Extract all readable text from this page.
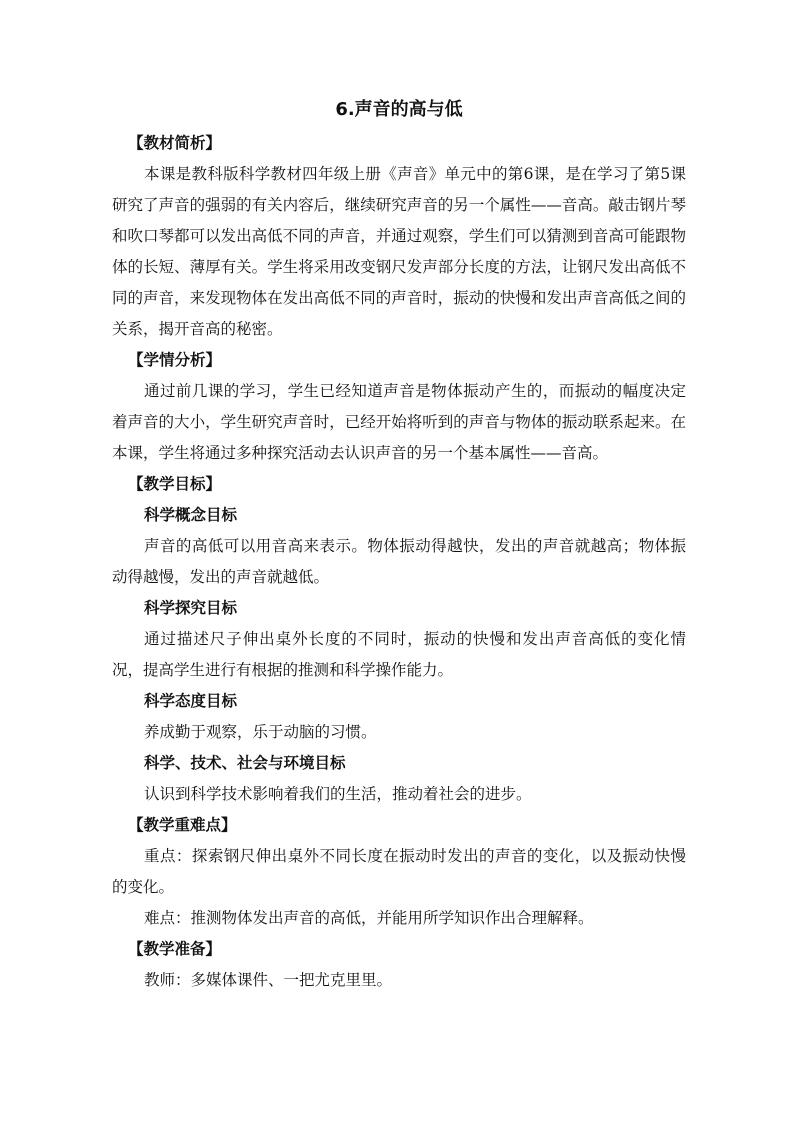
6.声音的高与低

【教材简析】

本课是教科版科学教材四年级上册《声音》单元中的第6课，是在学习了第5课研究了声音的强弱的有关内容后，继续研究声音的另一个属性——音高。敲击钢片琴和吹口琴都可以发出高低不同的声音，并通过观察，学生们可以猜测到音高可能跟物体的长短、薄厚有关。学生将采用改变钢尺发声部分长度的方法，让钢尺发出高低不同的声音，来发现物体在发出高低不同的声音时，振动的快慢和发出声音高低之间的关系，揭开音高的秘密。

【学情分析】

通过前几课的学习，学生已经知道声音是物体振动产生的，而振动的幅度决定着声音的大小，学生研究声音时，已经开始将听到的声音与物体的振动联系起来。在本课，学生将通过多种探究活动去认识声音的另一个基本属性——音高。

【教学目标】

科学概念目标

声音的高低可以用音高来表示。物体振动得越快，发出的声音就越高；物体振动得越慢，发出的声音就越低。

科学探究目标

通过描述尺子伸出桌外长度的不同时，振动的快慢和发出声音高低的变化情况，提高学生进行有根据的推测和科学操作能力。

科学态度目标

养成勤于观察，乐于动脑的习惯。

科学、技术、社会与环境目标

认识到科学技术影响着我们的生活，推动着社会的进步。

【教学重难点】

重点：探索钢尺伸出桌外不同长度在振动时发出的声音的变化，以及振动快慢的变化。

难点：推测物体发出声音的高低，并能用所学知识作出合理解释。

【教学准备】

教师：多媒体课件、一把尤克里里。
